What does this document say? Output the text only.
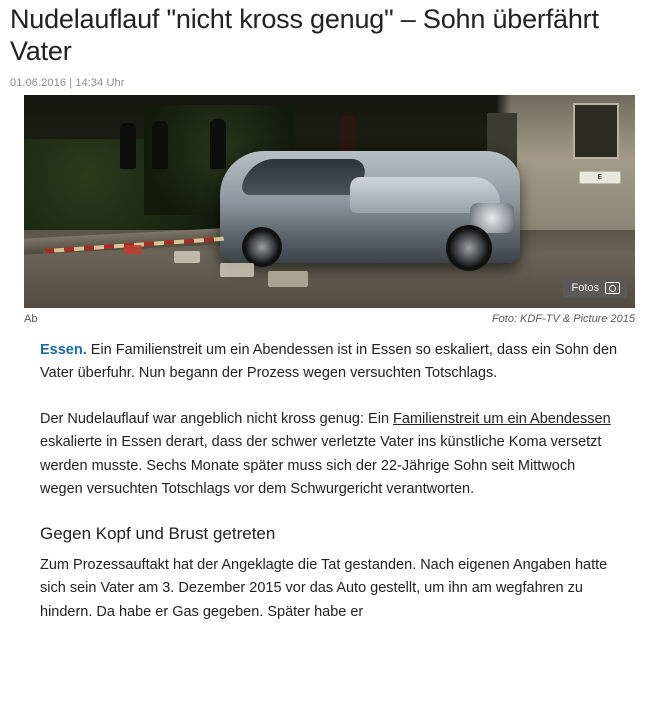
Nudelauflauf "nicht kross genug" – Sohn überfährt Vater
01.06.2016 | 14:34 Uhr
E
Fotos
Ab	Foto: KDF-TV & Picture 2015

Essen. Ein Familienstreit um ein Abendessen ist in Essen so eskaliert, dass ein Sohn den Vater überfuhr. Nun begann der Prozess wegen versuchten Totschlags.

Der Nudelauflauf war angeblich nicht kross genug: Ein Familienstreit um ein Abendessen eskalierte in Essen derart, dass der schwer verletzte Vater ins künstliche Koma versetzt werden musste. Sechs Monate später muss sich der 22-Jährige Sohn seit Mittwoch wegen versuchten Totschlags vor dem Schwurgericht verantworten.

Gegen Kopf und Brust getreten

Zum Prozessauftakt hat der Angeklagte die Tat gestanden. Nach eigenen Angaben hatte sich sein Vater am 3. Dezember 2015 vor das Auto gestellt, um ihn am wegfahren zu hindern. Da habe er Gas gegeben. Später habe er
